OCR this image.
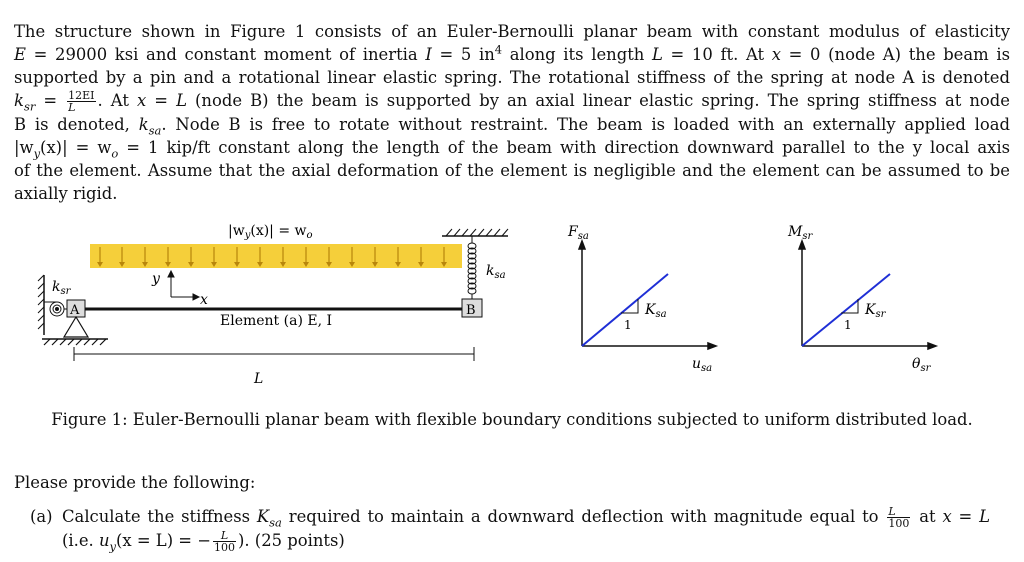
The structure shown in Figure 1 consists of an Euler-Bernoulli planar beam with constant modulus of elasticity
E = 29000 ksi and constant moment of inertia I = 5 $in^4$ along its length L = 10 ft. At x = 0 (node A) the beam is
supported by a pin and a rotational linear elastic spring. The rotational stiffness of the spring at node A is denoted
$k_{sr} = \frac{12EI}{L}$ . At x = L (node B) the beam is supported by an axial linear elastic spring. The spring stiffness at node
B is denoted, $k_{sa}$. Node B is free to rotate without restraint. The beam is loaded with an externally applied load
$|w_y(x)| = w_o = 1$ kip/ft constant along the length of the beam with direction downward parallel to the y local axis
of the element. Assume that the axial deformation of the element is negligible and the element can be assumed to be
axially rigid.
$|w_y(x)| = w_o$
$k_{sa}$
y
x
Element (a) E, I
A	B
$k_{sr}$
L
1
$K_{sa}$
$F_{sa}$
$u_{sa}$
1
$K_{sr}$
$M_{sr}$
$\theta_{sr}$
Figure 1: Euler-Bernoulli planar beam with flexible boundary conditions subjected to uniform distributed load.
Please provide the following:
(a) Calculate the stiffness $K_{sa}$ required to maintain a downward deflection with magnitude equal to $\frac{L}{100}$ at x = L
(i.e. $u_y(x = L)$ = − $\frac{L}{100}$ ). (25 points)
